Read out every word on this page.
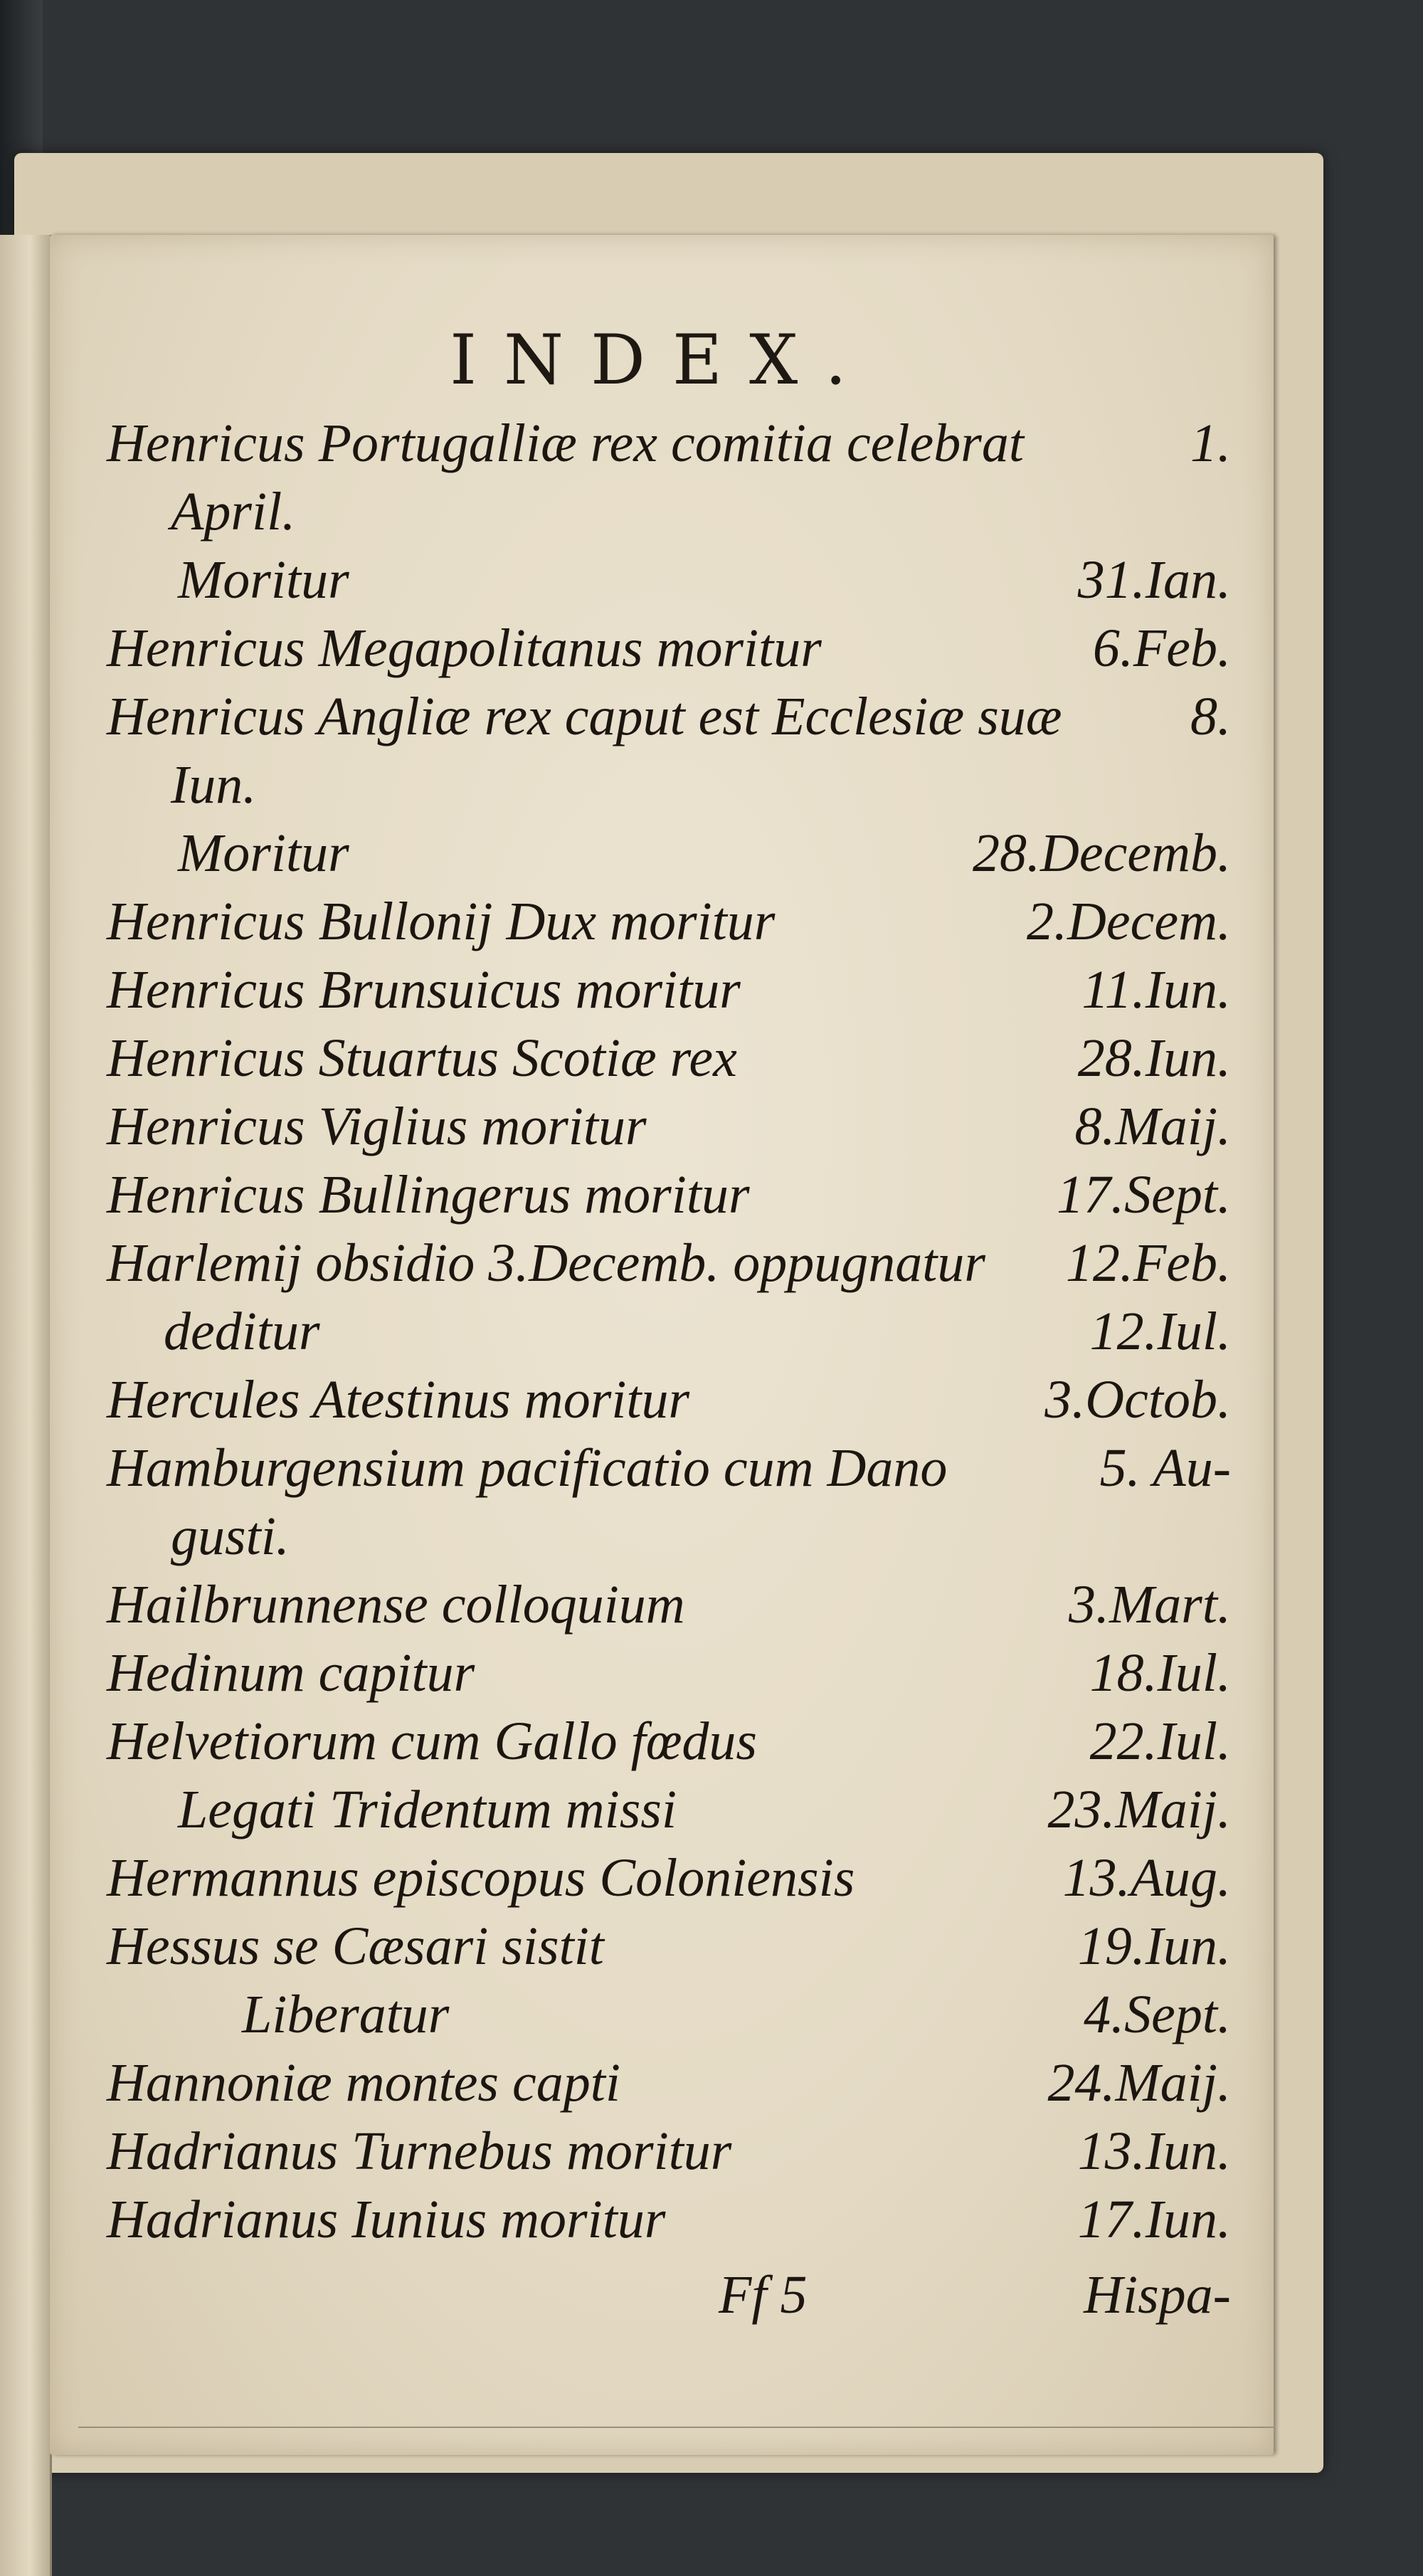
INDEX.
Henricus Portugalliæ rex comitia celebrat	1.
April.
Moritur	31.Ian.
Henricus Megapolitanus moritur	6.Feb.
Henricus Angliæ rex caput est Ecclesiæ suæ 8.
Iun.
Moritur	28.Decemb.
Henricus Bullonij Dux moritur	2.Decem.
Henricus Brunsuicus moritur	11.Iun.
Henricus Stuartus Scotiæ rex	28.Iun.
Henricus Viglius moritur	8.Maij.
Henricus Bullingerus moritur	17.Sept.
Harlemij obsidio 3.Decemb. oppugnatur 12.Feb.
deditur	12.Iul.
Hercules Atestinus moritur	3.Octob.
Hamburgensium pacificatio cum Dano	5. Au-
gusti.
Hailbrunnense colloquium	3.Mart.
Hedinum capitur	18.Iul.
Helvetiorum cum Gallo fœdus	22.Iul.
Legati Tridentum missi	23.Maij.
Hermannus episcopus Coloniensis	13.Aug.
Hessus se Cæsari sistit	19.Iun.
Liberatur	4.Sept.
Hannoniæ montes capti	24.Maij.
Hadrianus Turnebus moritur	13.Iun.
Hadrianus Iunius moritur	17.Iun.
Ff 5	Hispa-
